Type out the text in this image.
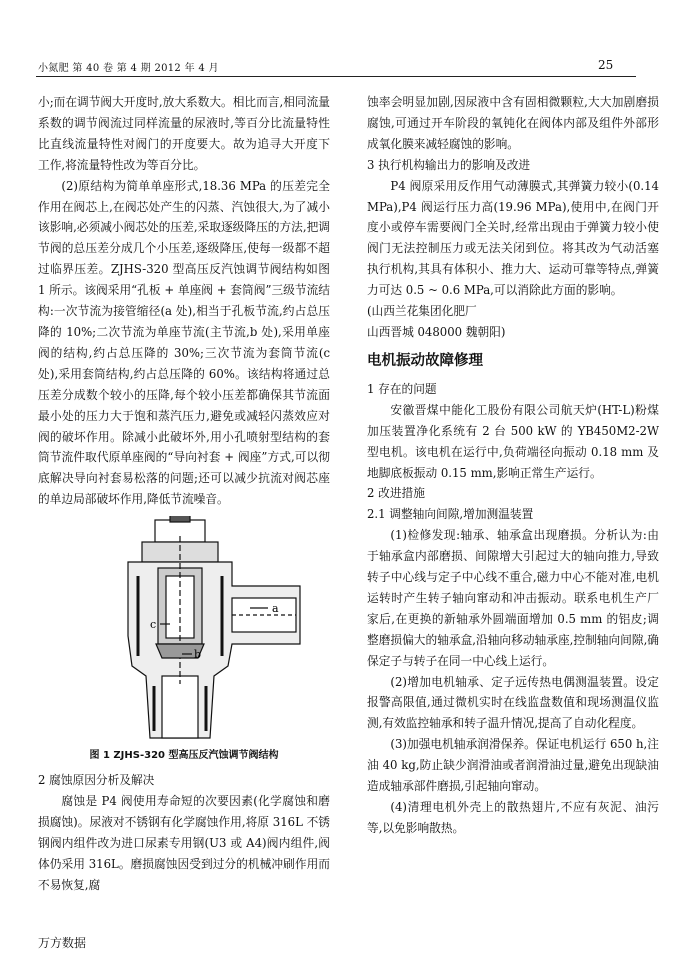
小氮肥 第 40 卷 第 4 期 2012 年 4 月	25

小;而在调节阀大开度时,放大系数大。相比而言,相同流量系数的调节阀流过同样流量的尿液时,等百分比流量特性比直线流量特性对阀门的开度要大。故为追寻大开度下工作,将流量特性改为等百分比。

(2)原结构为简单单座形式,18.36 MPa 的压差完全作用在阀芯上,在阀芯处产生的闪蒸、汽蚀很大,为了减小该影响,必须减小阀芯处的压差,采取逐级降压的方法,把调节阀的总压差分成几个小压差,逐级降压,使每一级都不超过临界压差。ZJHS-320 型高压反汽蚀调节阀结构如图 1 所示。该阀采用“孔板 + 单座阀 + 套筒阀”三级节流结构:一次节流为接管缩径(a 处),相当于孔板节流,约占总压降的 10%;二次节流为单座节流(主节流,b 处),采用单座阀的结构,约占总压降的 30%;三次节流为套筒节流(c 处),采用套筒结构,约占总压降的 60%。该结构将通过总压差分成数个较小的压降,每个较小压差都确保其节流面最小处的压力大于饱和蒸汽压力,避免或减轻闪蒸效应对阀的破坏作用。除减小此破坏外,用小孔喷射型结构的套筒节流件取代原单座阀的“导向衬套 + 阀座”方式,可以彻底解决导向衬套易松落的问题;还可以减少抗流对阀芯座的单边局部破坏作用,降低节流噪音。

a
c
b
图 1 ZJHS-320 型高压反汽蚀调节阀结构

2 腐蚀原因分析及解决

腐蚀是 P4 阀使用寿命短的次要因素(化学腐蚀和磨损腐蚀)。尿液对不锈钢有化学腐蚀作用,将原 316L 不锈钢阀内组件改为进口尿素专用钢(U3 或 A4)阀内组件,阀体仍采用 316L。磨损腐蚀因受到过分的机械冲刷作用而不易恢复,腐

蚀率会明显加剧,因尿液中含有固相微颗粒,大大加剧磨损腐蚀,可通过开车阶段的氧钝化在阀体内部及组件外部形成氧化膜来减轻腐蚀的影响。

3 执行机构输出力的影响及改进

P4 阀原采用反作用气动薄膜式,其弹簧力较小(0.14 MPa),P4 阀运行压力高(19.96 MPa),使用中,在阀门开度小或停车需要阀门全关时,经常出现由于弹簧力较小使阀门无法控制压力或无法关闭到位。将其改为气动活塞执行机构,其具有体积小、推力大、运动可靠等特点,弹簧力可达 0.5 ~ 0.6 MPa,可以消除此方面的影响。

(山西兰花集团化肥厂

山西晋城 048000 魏朝阳)

电机振动故障修理

1 存在的问题

安徽晋煤中能化工股份有限公司航天炉(HT-L)粉煤加压装置净化系统有 2 台 500 kW 的 YB450M2-2W 型电机。该电机在运行中,负荷端径向振动 0.18 mm 及地脚底板振动 0.15 mm,影响正常生产运行。

2 改进措施

2.1 调整轴向间隙,增加测温装置

(1)检修发现:轴承、轴承盒出现磨损。分析认为:由于轴承盒内部磨损、间隙增大引起过大的轴向推力,导致转子中心线与定子中心线不重合,磁力中心不能对准,电机运转时产生转子轴向窜动和冲击振动。联系电机生产厂家后,在更换的新轴承外圆端面增加 0.5 mm 的铝皮;调整磨损偏大的轴承盒,沿轴向移动轴承座,控制轴向间隙,确保定子与转子在同一中心线上运行。

(2)增加电机轴承、定子远传热电偶测温装置。设定报警高限值,通过微机实时在线监盘数值和现场测温仪监测,有效监控轴承和转子温升情况,提高了自动化程度。

(3)加强电机轴承润滑保养。保证电机运行 650 h,注油 40 kg,防止缺少润滑油或者润滑油过量,避免出现缺油造成轴承部件磨损,引起轴向窜动。

(4)清理电机外壳上的散热翅片,不应有灰泥、油污等,以免影响散热。

万方数据
